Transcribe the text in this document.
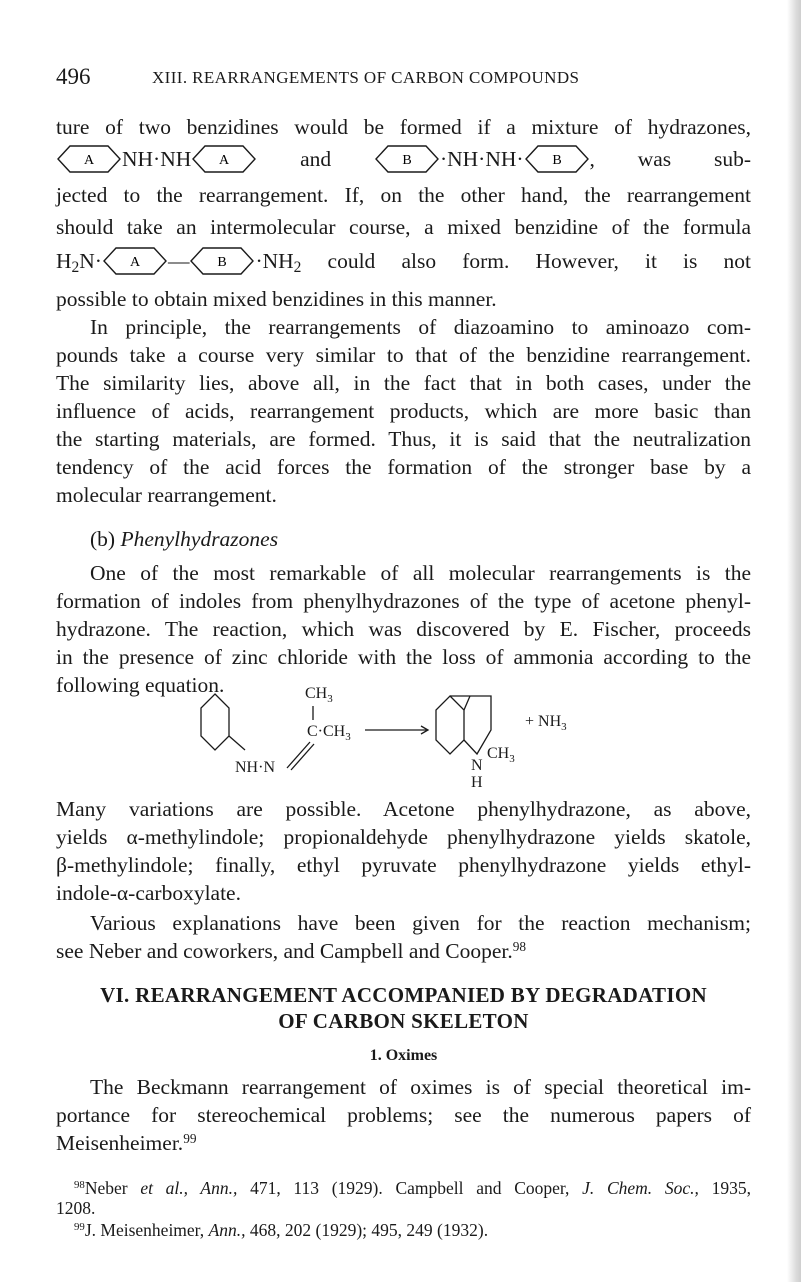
496	XIII. REARRANGEMENTS OF CARBON COMPOUNDS
ture of two benzidines would be formed if a mixture of hydrazones,
A NH·NH A	and	B ·NH·NH· B , was sub-
jected to the rearrangement. If, on the other hand, the rearrangement
should take an intermolecular course, a mixed benzidine of the formula
$H_2N\cdot A$ — $B \cdot NH_2$ could also form. However, it is not
possible to obtain mixed benzidines in this manner.
In principle, the rearrangements of diazoamino to aminoazo com-
pounds take a course very similar to that of the benzidine rearrangement.
The similarity lies, above all, in the fact that in both cases, under the
influence of acids, rearrangement products, which are more basic than
the starting materials, are formed. Thus, it is said that the neutralization
tendency of the acid forces the formation of the stronger base by a
molecular rearrangement.
(b) Phenylhydrazones
One of the most remarkable of all molecular rearrangements is the
formation of indoles from phenylhydrazones of the type of acetone phenyl-
hydrazone. The reaction, which was discovered by E. Fischer, proceeds
in the presence of zinc chloride with the loss of ammonia according to the
following equation.	$CH_3$
$C\cdot CH_3$
NH·N
$CH_3$
+ $NH_3$
N
H
Many variations are possible. Acetone phenylhydrazone, as above,
yields α-methylindole; propionaldehyde phenylhydrazone yields skatole,
β-methylindole; finally, ethyl pyruvate phenylhydrazone yields ethyl-
indole-α-carboxylate.
Various explanations have been given for the reaction mechanism;
see Neber and coworkers, and Campbell and Cooper.$^{98}$
VI. REARRANGEMENT ACCOMPANIED BY DEGRADATION
OF CARBON SKELETON
1. Oximes
The Beckmann rearrangement of oximes is of special theoretical im-
portance for stereochemical problems; see the numerous papers of
Meisenheimer.$^{99}$
$^{98}$Neber et al., Ann., 471, 113 (1929). Campbell and Cooper, J. Chem. Soc., 1935,
1208.
$^{99}$J. Meisenheimer, Ann., 468, 202 (1929); 495, 249 (1932).
